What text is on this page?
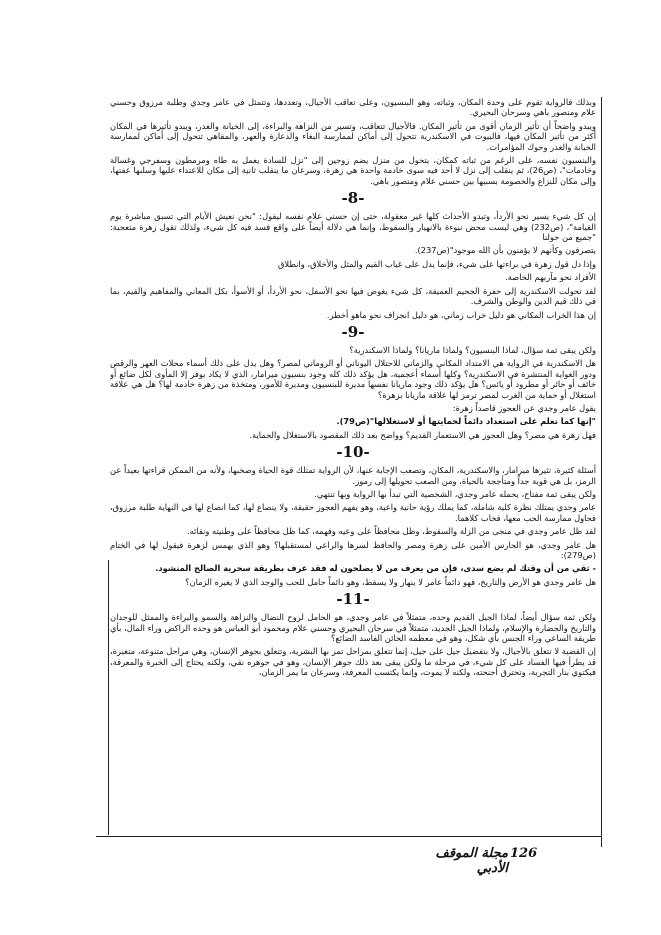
وبذلك فالرواية تقوم على وحدة المكان، وثباته، وهو البنسيون، وعلى تعاقب الأجيال، وتعددها، وتتمثل في عامر وجدي وطلبة مرزوق وحسني علام ومنصور باهي وسرحان البحيري.

ويبدو واضحاً أن تأثير الزمان أقوى من تأثير المكان. فالأجيال تتعاقب، وتسير من النزاهة والبراءة، إلى الخيانة والغدر، ويبدو تأثيرها في المكان أكثر من تأثير المكان فيها، فالبيوت في الاسكندرية تتحول إلى أماكن لممارسة البغاء والدعارة والعهر، والمقاهي تتحول إلى أماكن لممارسة الخيانة والغدر وحوك المؤامرات.

والبنسيون نفسه، على الرغم من ثباته كمكان، يتحول من منزل يضم زوجين إلى "نزل للسادة يعمل به طاه ومرمطون وسفرجي وغسالة وخادمات"، (ص26)، ثم ينقلب إلى نزل لا أحد فيه سوى خادمة واحدة هي زهرة، وسرعان ما ينقلب ثانية إلى مكان للاعتداء عليها وسلبها عفتها، وإلى مكان للنزاع والخصومة بسببها بين حسني علام ومنصور باهي.

-8-

إن كل شيء يسير نحو الأردأ، وتبدو الأحداث كلها غير معقولة، حتى إن حسني علام نفسه ليقول: "نحن نعيش الأيام التي تسبق مباشرة يوم القيامة"، (ص232) وهي ليست محض نبوءة بالانهيار والسقوط، وإنما هي دلالة أيضاً على واقع فسد فيه كل شيء، ولذلك تقول زهرة متعجبة: "جميع من حولنا

يتصرفون وكأنهم لا يؤمنون بأن الله موجود"(ص237).

وإذا دل قول زهرة في براءتها على شيء، فإنما يدل على غياب القيم والمثل والأخلاق، وانطلاق

الأفراد نحو مآربهم الخاصة.

لقد تحولت الاسكندرية إلى حفرة الجحيم العميقة، كل شيء يغوص فيها نحو الأسفل، نحو الأردأ، أو الأسوأ، بكل المعاني والمفاهيم والقيم، بما في ذلك قيم الدين والوطن والشرف.

إن هذا الخراب المكاني هو دليل خراب زماني، هو دليل انجراف نحو ماهو أخطر.

-9-

ولكن يبقى ثمة سؤال، لماذا البنسيون؟ ولماذا ماريانا؟ ولماذا الاسكندرية؟

هل الاسكندرية في الرواية هي الامتداد المكاني والزماني للاحتلال اليوناني أو الروماني لمصر؟ وهل يدل على ذلك أسماء محلات العهر والرقص ودور الغواية المنتشرة في الاسكندرية؟ وكلها أسماء أعجمية، هل يؤكد ذلك كله وجود بنسيون ميرامار، الذي لا يكاد يوفر إلا المأوى لكل ضائع أو خائف أو حائر أو مطرود أو يائس؟ هل يؤكد ذلك وجود ماريانا نفسها مديرة للبنسيون ومديرة للأمور، ومتخذة من زهرة خادمة لها؟ هل هي علاقة استغلال أو حماية من الغرب لمصر ترمز لها علاقة ماريانا بزهرة؟

يقول عامر وجدي عن العجوز قاصداً زهرة:

"إنها كما تعلم على استعداد دائماً لحمايتها أو لاستغلالها"(ص79).

فهل زهرة هي مصر؟ وهل العجوز هي الاستعمار القديم؟ وواضح بعد ذلك المقصود بالاستغلال والحماية.

-10-

أسئلة كثيرة، تثيرها ميرامار، والاسكندرية، المكان، وتصعب الإجابة عنها، لأن الرواية تمتلك قوة الحياة وصخبها، ولأنه من الممكن قراءتها بعيداً عن الرمز، بل هي قوية جداً ومتأججة بالحياة، ومن الصعب تحويلها إلى رموز.

ولكن يبقى ثمة مفتاح، يحمله عامر وجدي، الشخصية التي تبدأ بها الرواية وبها تنتهي.

عامر وجدي يمتلك نظرة كلية شاملة، كما يملك رؤية حانية واعية، وهو يفهم العجوز حقيقة، ولا ينصاع لها، كما انصاع لها في النهاية طلبة مرزوق، فحاول ممارسة الحب معها، فخاب كلاهما.

لقد ظل عامر وجدي في منجى من الزلة والسقوط، وظل محافظاً على وعيه وفهمه، كما ظل محافظاً على وطنيته ونقائه.

هل عامر وجدي، هو الحارس الأمين على زهرة ومصر والحافظ لسرها والراعي لمستقبلها؟ وهو الذي يهمس لزهرة فيقول لها في الختام (ص279):

- ثقي من أن وقتك لم يضع سدى، فإن من يعرف من لا يصلحون له فقد عرف بطريقة سحرية الصالح المنشود.

هل عامر وجدي هو الأرض والتاريخ، فهو دائماً عامر لا ينهار ولا يسقط، وهو دائماً حامل للحب والوجد الذي لا يغيره الزمان؟

-11-

ولكن ثمة سؤال أيضاً، لماذا الجيل القديم وحده، متمثلاً في عامر وجدي، هو الحامل لروح النضال والنزاهة والسمو والبراءة والممثل للوجدان والتاريخ والحضارة والإسلام، ولماذا الجيل الجديد، متمثلاً في سرحان البحيري وحسني علام ومحمود أبو العباس هو وحده الراكض وراء المال، بأي طريقة الساعي وراء الجنس بأي شكل، وهو في معظمه الخائن الفاسد الضائع؟

إن القضية لا تتعلق بالأجيال، ولا بتفضيل جيل على جيل، إنما تتعلق بمراحل تمر بها البشرية، وتتعلق بجوهر الإنسان، وهي مراحل متنوعة، متغيرة، قد يطرأ فيها الفساد على كل شيء، في مرحلة ما ولكن يبقى بعد ذلك جوهر الإنسان، وهو في جوهره نقي، ولكنه يحتاج إلى الخبرة والمعرفة، فيكتوي بنار التجربة، وتحترق أجنحته، ولكنه لا يموت، وإنما يكتسب المعرفة، وسرعان ما يمر الزمان،

مجلة الموقف الأدبي
126
